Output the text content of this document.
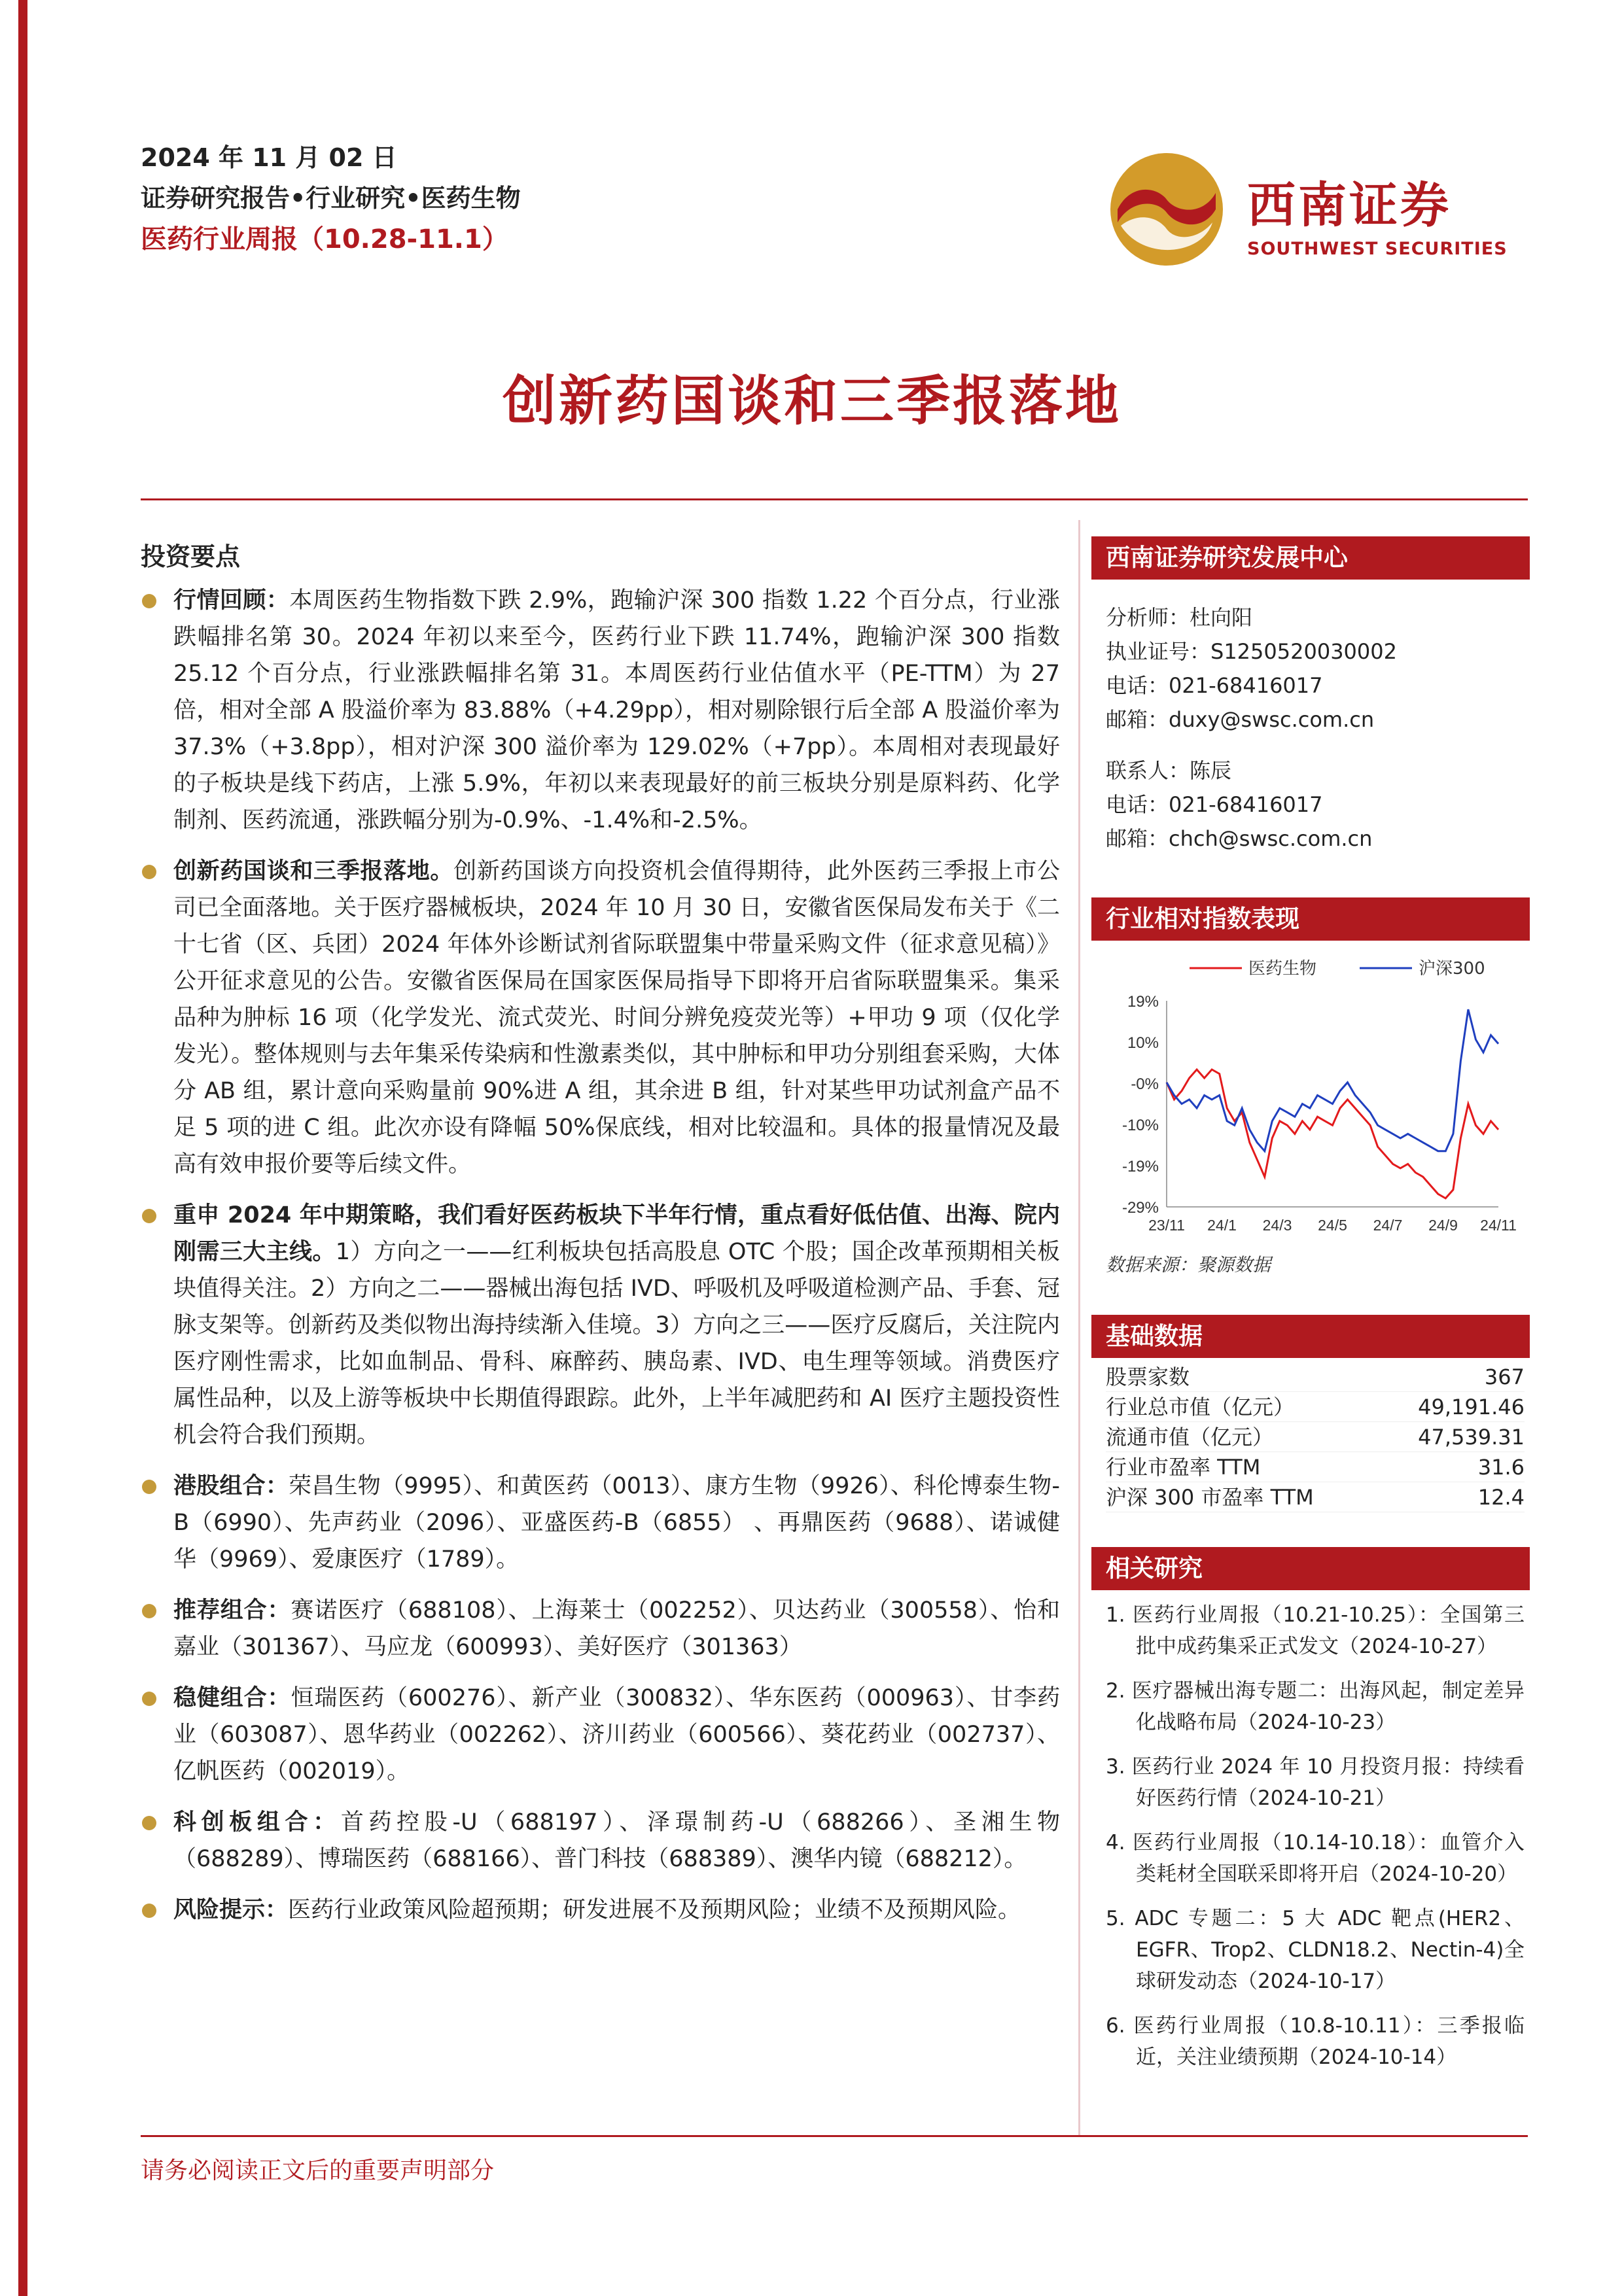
2024 年 11 月 02 日
证券研究报告•行业研究•医药生物
医药行业周报（10.28-11.1）
西南证券
SOUTHWEST SECURITIES
创新药国谈和三季报落地
投资要点
行情回顾：本周医药生物指数下跌 2.9%，跑输沪深 300 指数 1.22 个百分点，行业涨跌幅排名第 30。2024 年初以来至今，医药行业下跌 11.74%，跑输沪深 300 指数 25.12 个百分点，行业涨跌幅排名第 31。本周医药行业估值水平（PE-TTM）为 27 倍，相对全部 A 股溢价率为 83.88%（+4.29pp），相对剔除银行后全部 A 股溢价率为 37.3%（+3.8pp），相对沪深 300 溢价率为 129.02%（+7pp）。本周相对表现最好的子板块是线下药店，上涨 5.9%，年初以来表现最好的前三板块分别是原料药、化学制剂、医药流通，涨跌幅分别为-0.9%、-1.4%和-2.5%。
创新药国谈和三季报落地。创新药国谈方向投资机会值得期待，此外医药三季报上市公司已全面落地。关于医疗器械板块，2024 年 10 月 30 日，安徽省医保局发布关于《二十七省（区、兵团）2024 年体外诊断试剂省际联盟集中带量采购文件（征求意见稿）》公开征求意见的公告。安徽省医保局在国家医保局指导下即将开启省际联盟集采。集采品种为肿标 16 项（化学发光、流式荧光、时间分辨免疫荧光等）+甲功 9 项（仅化学发光）。整体规则与去年集采传染病和性激素类似，其中肿标和甲功分别组套采购，大体分 AB 组，累计意向采购量前 90%进 A 组，其余进 B 组，针对某些甲功试剂盒产品不足 5 项的进 C 组。此次亦设有降幅 50%保底线，相对比较温和。具体的报量情况及最高有效申报价要等后续文件。
重申 2024 年中期策略，我们看好医药板块下半年行情，重点看好低估值、出海、院内刚需三大主线。1）方向之一——红利板块包括高股息 OTC 个股；国企改革预期相关板块值得关注。2）方向之二——器械出海包括 IVD、呼吸机及呼吸道检测产品、手套、冠脉支架等。创新药及类似物出海持续渐入佳境。3）方向之三——医疗反腐后，关注院内医疗刚性需求，比如血制品、骨科、麻醉药、胰岛素、IVD、电生理等领域。消费医疗属性品种，以及上游等板块中长期值得跟踪。此外，上半年减肥药和 AI 医疗主题投资性机会符合我们预期。
港股组合：荣昌生物（9995）、和黄医药（0013）、康方生物（9926）、科伦博泰生物-B（6990）、先声药业（2096）、亚盛医药-B（6855） 、再鼎医药（9688）、诺诚健华（9969）、爱康医疗（1789）。
推荐组合：赛诺医疗（688108）、上海莱士（002252）、贝达药业（300558）、怡和嘉业（301367）、马应龙（600993）、美好医疗（301363）
稳健组合：恒瑞医药（600276）、新产业（300832）、华东医药（000963）、甘李药业（603087）、恩华药业（002262）、济川药业（600566）、葵花药业（002737）、亿帆医药（002019）。
科创板组合：首药控股-U（688197）、泽璟制药-U（688266）、圣湘生物（688289）、博瑞医药（688166）、普门科技（688389）、澳华内镜（688212）。
风险提示：医药行业政策风险超预期；研发进展不及预期风险；业绩不及预期风险。
西南证券研究发展中心
分析师：杜向阳
执业证号：S1250520030002
电话：021-68416017
邮箱：duxy@swsc.com.cn
联系人：陈辰
电话：021-68416017
邮箱：chch@swsc.com.cn
行业相对指数表现
19%
10%
-0%
-10%
-19%
-29%
23/11 24/1 24/3 24/5 24/7 24/9 24/11
医药生物	沪深300
数据来源：聚源数据
基础数据
股票家数	367
行业总市值（亿元）	49,191.46
流通市值（亿元）	47,539.31
行业市盈率 TTM	31.6
沪深 300 市盈率 TTM	12.4
相关研究
1. 医药行业周报（10.21-10.25）：全国第三批中成药集采正式发文（2024-10-27）
2. 医疗器械出海专题二：出海风起，制定差异化战略布局（2024-10-23）
3. 医药行业 2024 年 10 月投资月报：持续看好医药行情（2024-10-21）
4. 医药行业周报（10.14-10.18）：血管介入类耗材全国联采即将开启（2024-10-20）
5. ADC 专题二：5 大 ADC 靶点(HER2、EGFR、Trop2、CLDN18.2、Nectin-4)全球研发动态（2024-10-17）
6. 医药行业周报（10.8-10.11）：三季报临近，关注业绩预期（2024-10-14）
请务必阅读正文后的重要声明部分
